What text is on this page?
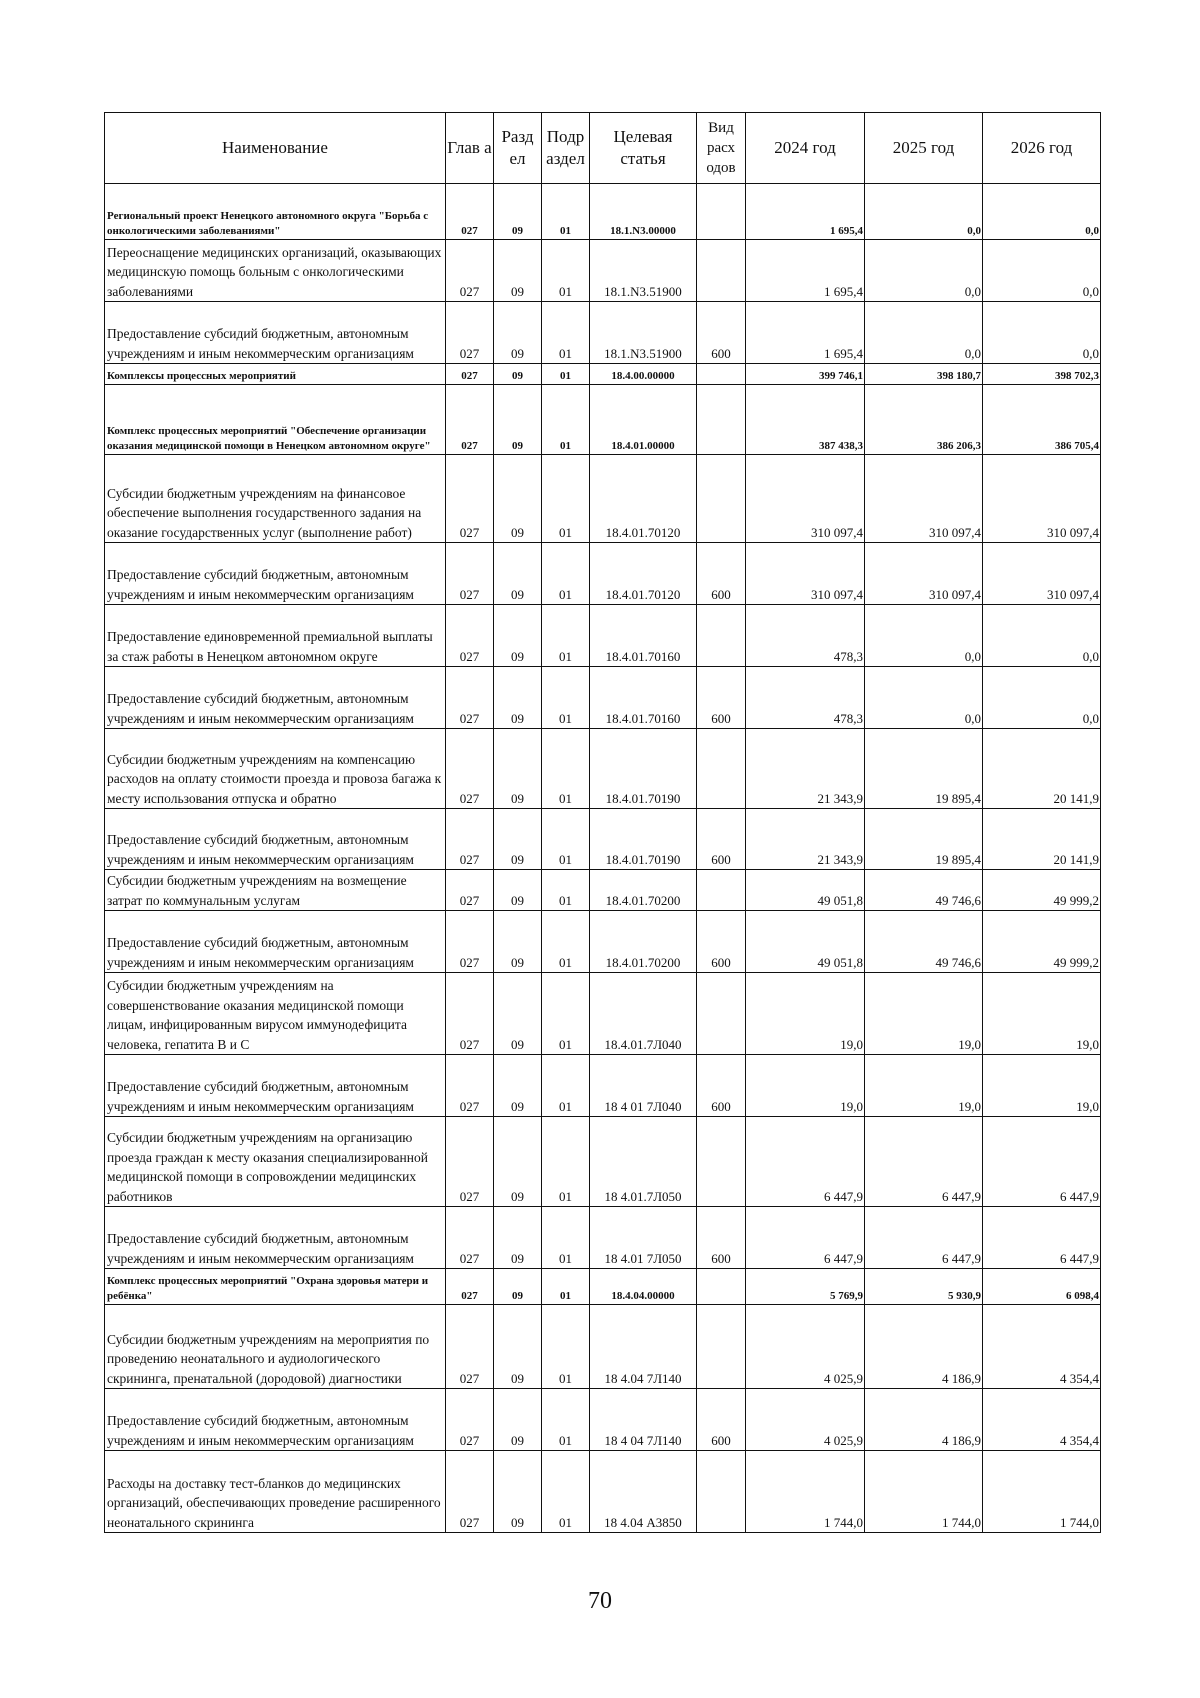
Наименование	Глав а	Разд ел	Подр аздел	Целевая статья	Вид расх одов	2024 год	2025 год	2026 год
Региональный проект Ненецкого автономного округа "Борьба с онкологическими заболеваниями"	027	09	01	18.1.N3.00000		1 695,4	0,0	0,0
Переоснащение медицинских организаций, оказывающих медицинскую помощь больным с онкологическими заболеваниями	027	09	01	18.1.N3.51900		1 695,4	0,0	0,0
Предоставление субсидий бюджетным, автономным учреждениям и иным некоммерческим организациям	027	09	01	18.1.N3.51900	600	1 695,4	0,0	0,0
Комплексы процессных мероприятий	027	09	01	18.4.00.00000		399 746,1	398 180,7	398 702,3
Комплекс процессных мероприятий "Обеспечение организации оказания медицинской помощи в Ненецком автономном округе"	027	09	01	18.4.01.00000		387 438,3	386 206,3	386 705,4
Субсидии бюджетным учреждениям на финансовое обеспечение выполнения государственного задания на оказание государственных услуг (выполнение работ)	027	09	01	18.4.01.70120		310 097,4	310 097,4	310 097,4
Предоставление субсидий бюджетным, автономным учреждениям и иным некоммерческим организациям	027	09	01	18.4.01.70120	600	310 097,4	310 097,4	310 097,4
Предоставление единовременной премиальной выплаты за стаж работы в Ненецком автономном округе	027	09	01	18.4.01.70160		478,3	0,0	0,0
Предоставление субсидий бюджетным, автономным учреждениям и иным некоммерческим организациям	027	09	01	18.4.01.70160	600	478,3	0,0	0,0
Субсидии бюджетным учреждениям на компенсацию расходов на оплату стоимости проезда и провоза багажа к месту использования отпуска и обратно	027	09	01	18.4.01.70190		21 343,9	19 895,4	20 141,9
Предоставление субсидий бюджетным, автономным учреждениям и иным некоммерческим организациям	027	09	01	18.4.01.70190	600	21 343,9	19 895,4	20 141,9
Субсидии бюджетным учреждениям на возмещение затрат по коммунальным услугам	027	09	01	18.4.01.70200		49 051,8	49 746,6	49 999,2
Предоставление субсидий бюджетным, автономным учреждениям и иным некоммерческим организациям	027	09	01	18.4.01.70200	600	49 051,8	49 746,6	49 999,2
Субсидии бюджетным учреждениям на совершенствование оказания медицинской помощи лицам, инфицированным вирусом иммунодефицита человека, гепатита В и С	027	09	01	18.4.01.7Л040		19,0	19,0	19,0
Предоставление субсидий бюджетным, автономным учреждениям и иным некоммерческим организациям	027	09	01	18 4 01 7Л040	600	19,0	19,0	19,0
Субсидии бюджетным учреждениям на организацию проезда граждан к месту оказания специализированной медицинской помощи в сопровождении медицинских работников	027	09	01	18 4.01.7Л050		6 447,9	6 447,9	6 447,9
Предоставление субсидий бюджетным, автономным учреждениям и иным некоммерческим организациям	027	09	01	18 4.01 7Л050	600	6 447,9	6 447,9	6 447,9
Комплекс процессных мероприятий "Охрана здоровья матери и ребёнка"	027	09	01	18.4.04.00000		5 769,9	5 930,9	6 098,4
Субсидии бюджетным учреждениям на мероприятия по проведению неонатального и аудиологического скрининга, пренатальной (дородовой) диагностики	027	09	01	18 4.04 7Л140		4 025,9	4 186,9	4 354,4
Предоставление субсидий бюджетным, автономным учреждениям и иным некоммерческим организациям	027	09	01	18 4 04 7Л140	600	4 025,9	4 186,9	4 354,4
Расходы на доставку тест-бланков до медицинских организаций, обеспечивающих проведение расширенного неонатального скрининга	027	09	01	18 4.04 А3850		1 744,0	1 744,0	1 744,0
70
